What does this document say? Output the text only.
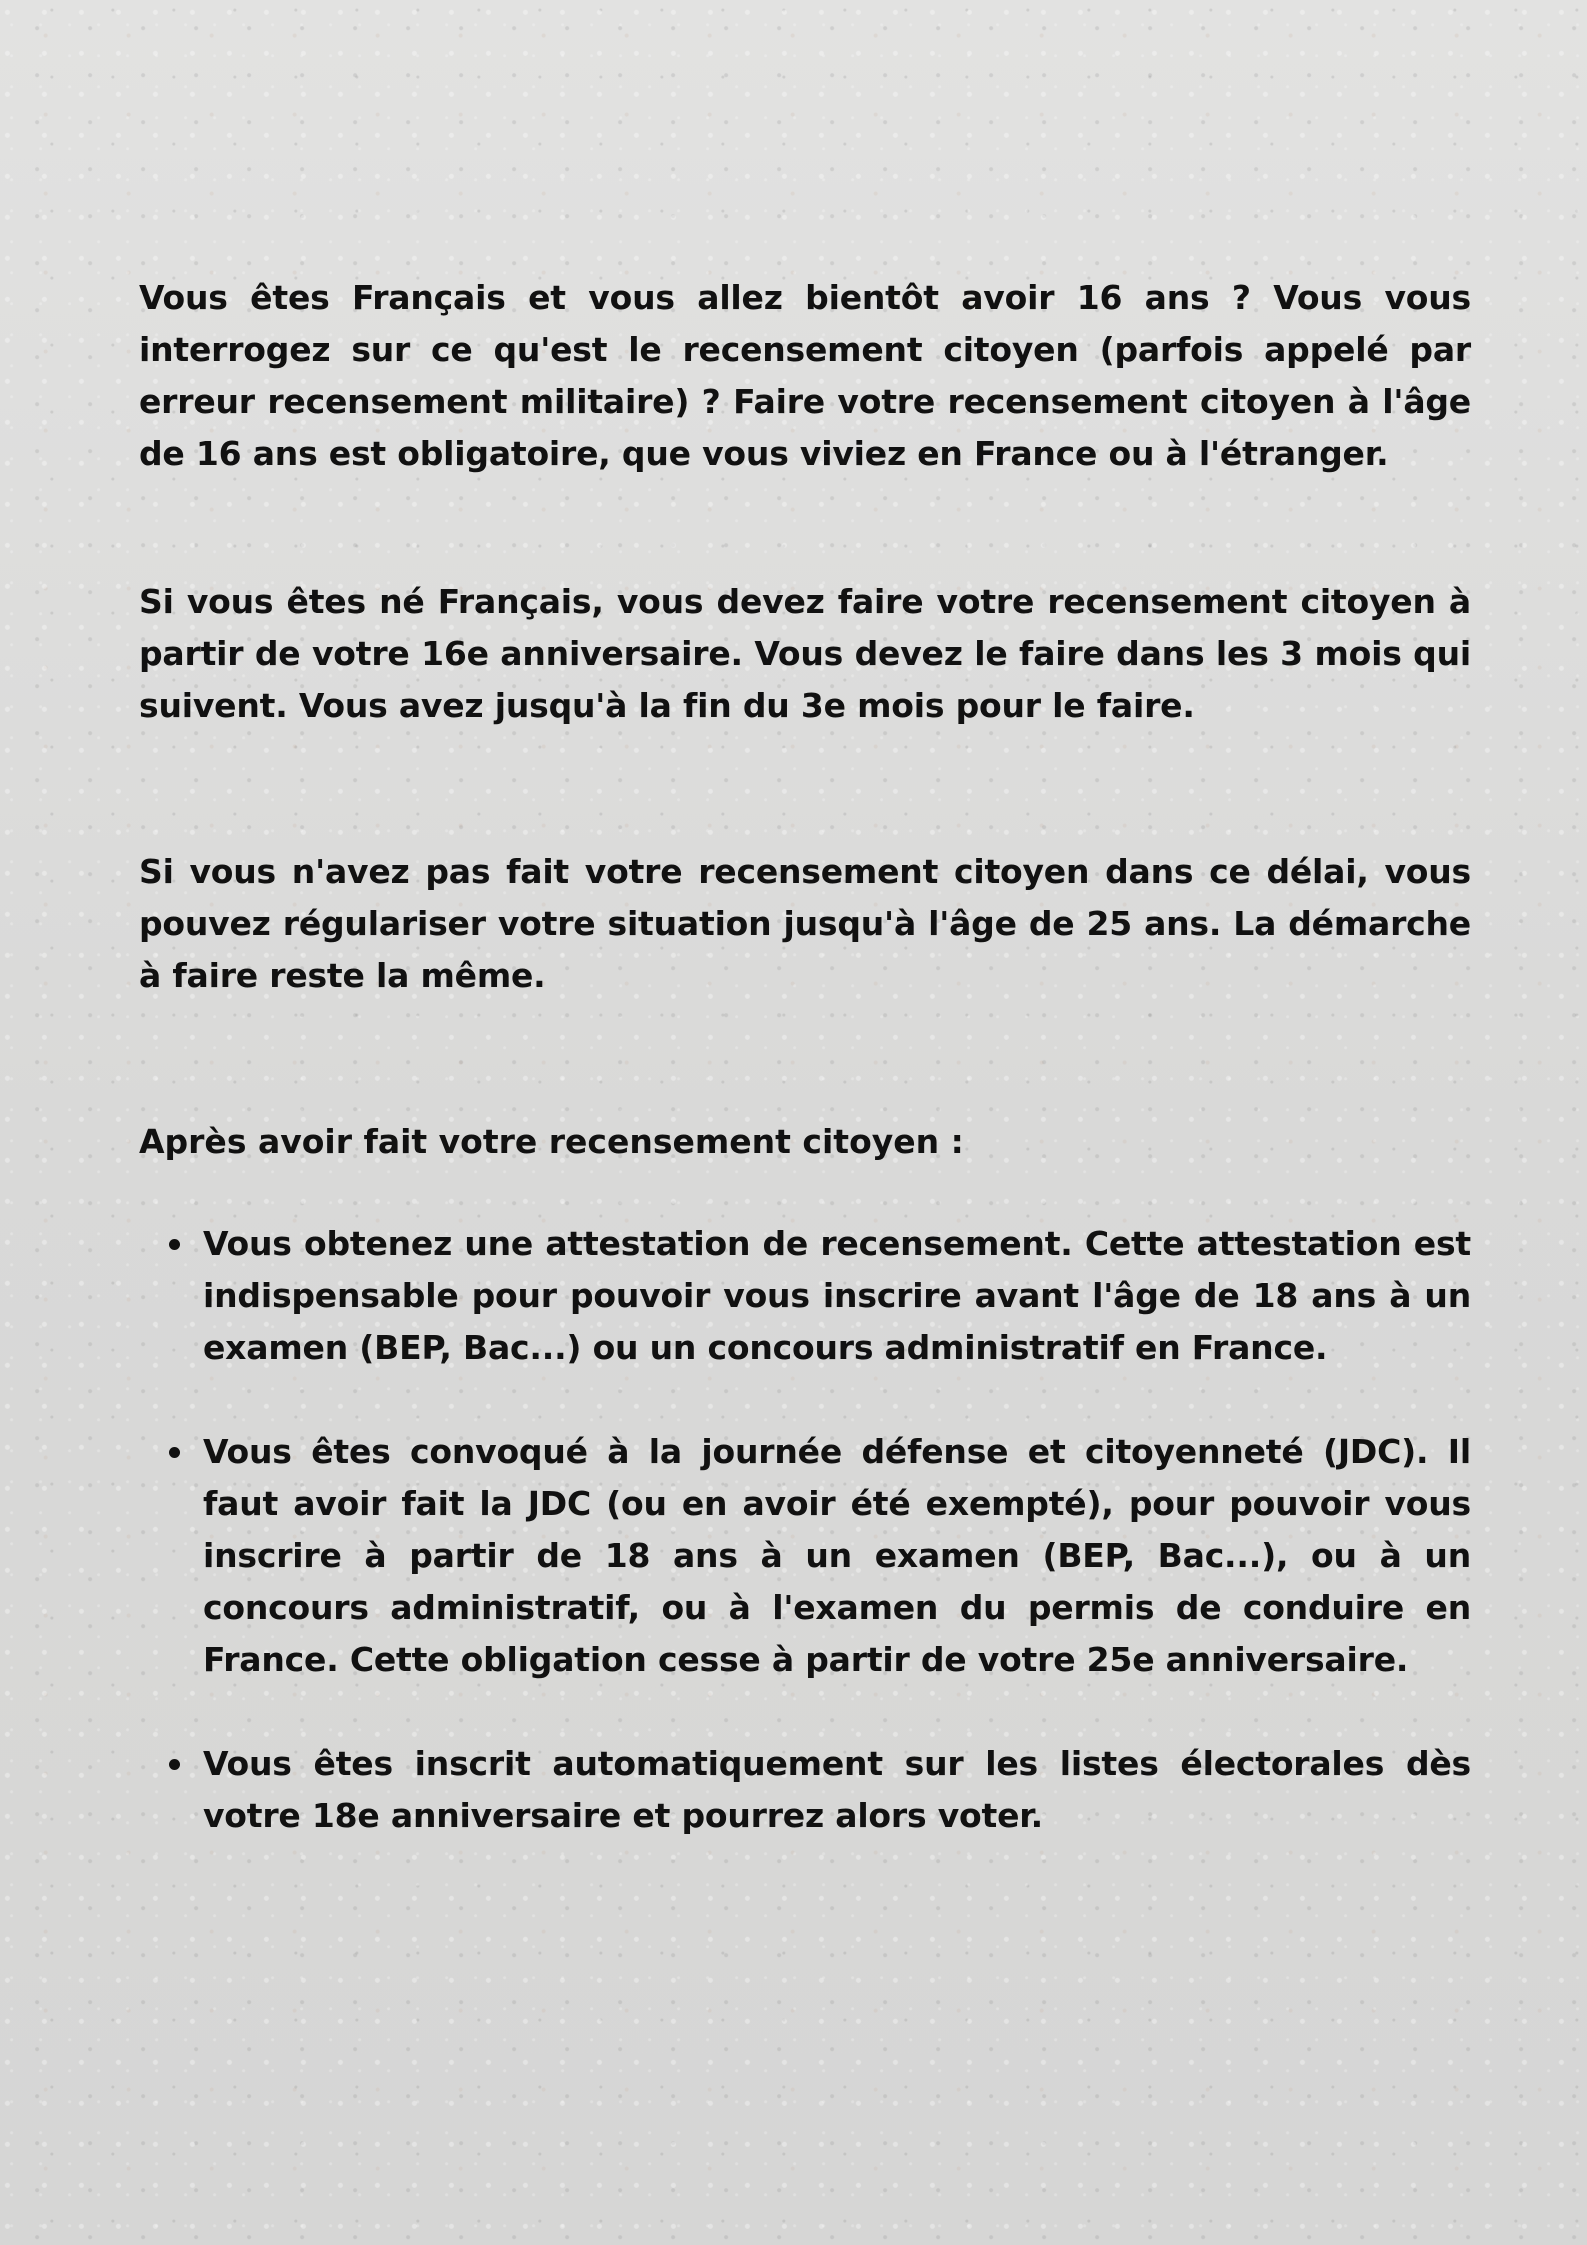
Vous êtes Français et vous allez bientôt avoir 16 ans ? Vous vous interrogez sur ce qu'est le recensement citoyen (parfois appelé par erreur recensement militaire) ? Faire votre recensement citoyen à l'âge de 16 ans est obligatoire, que vous viviez en France ou à l'étranger.

Si vous êtes né Français, vous devez faire votre recensement citoyen à partir de votre 16e anniversaire. Vous devez le faire dans les 3 mois qui suivent. Vous avez jusqu'à la fin du 3e mois pour le faire.

Si vous n'avez pas fait votre recensement citoyen dans ce délai, vous pouvez régulariser votre situation jusqu'à l'âge de 25 ans. La démarche à faire reste la même.

Après avoir fait votre recensement citoyen :

Vous obtenez une attestation de recensement. Cette attestation est indispensable pour pouvoir vous inscrire avant l'âge de 18 ans à un examen (BEP, Bac...) ou un concours administratif en France.
Vous êtes convoqué à la journée défense et citoyenneté (JDC). Il faut avoir fait la JDC (ou en avoir été exempté), pour pouvoir vous inscrire à partir de 18 ans à un examen (BEP, Bac...), ou à un concours administratif, ou à l'examen du permis de conduire en France. Cette obligation cesse à partir de votre 25e anniversaire.
Vous êtes inscrit automatiquement sur les listes électorales dès votre 18e anniversaire et pourrez alors voter.
